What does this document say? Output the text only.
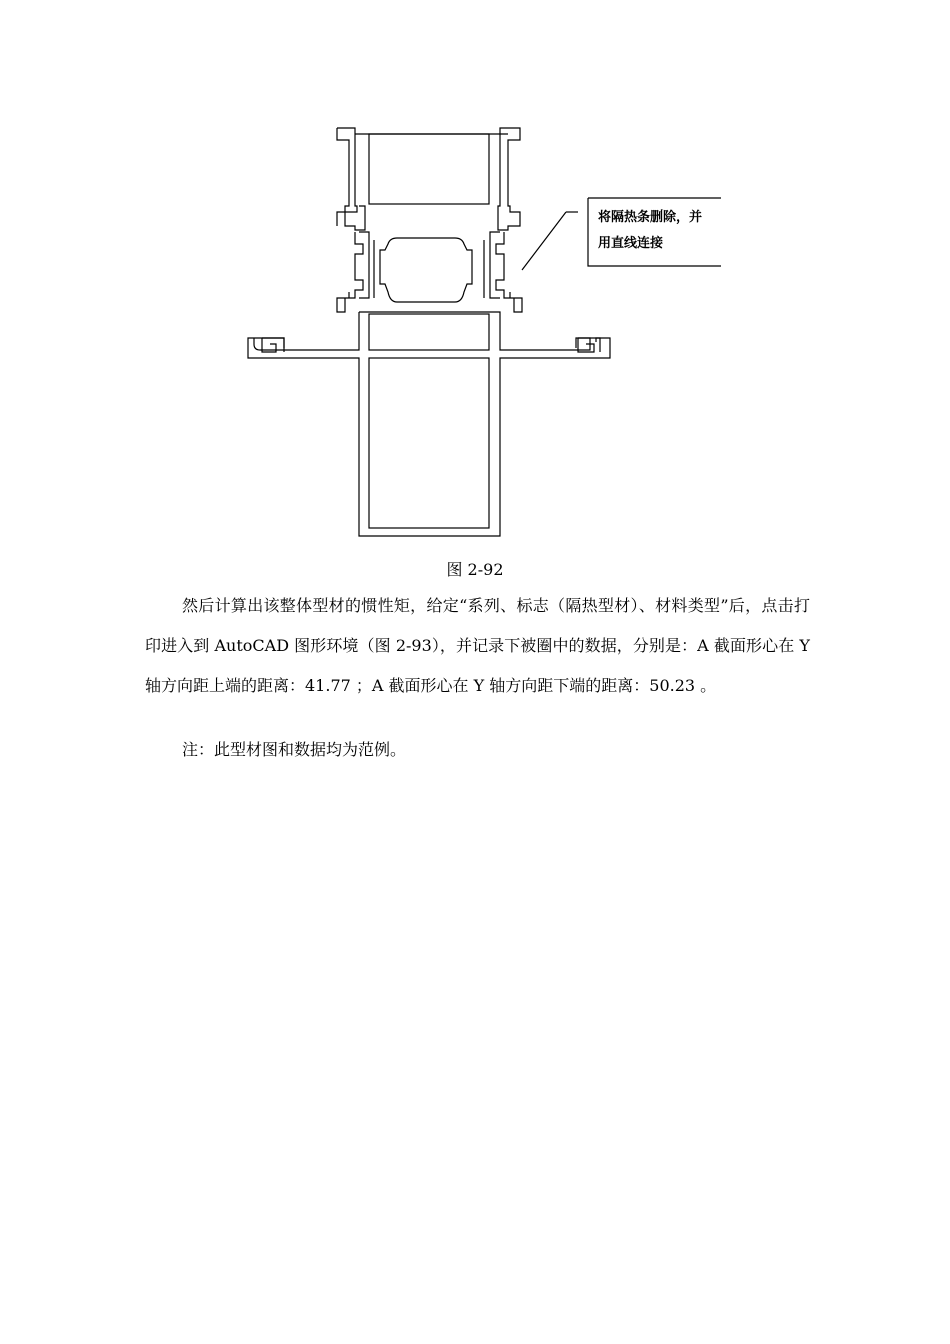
将隔热条删除，并
用直线连接
图 2-92

然后计算出该整体型材的惯性矩，给定“系列、标志（隔热型材）、材料类型”后，点击打印进入到 AutoCAD 图形环境（图 2-93），并记录下被圈中的数据，分别是：A 截面形心在 Y 轴方向距上端的距离：41.77 ；A 截面形心在 Y 轴方向距下端的距离：50.23 。

注：此型材图和数据均为范例。
